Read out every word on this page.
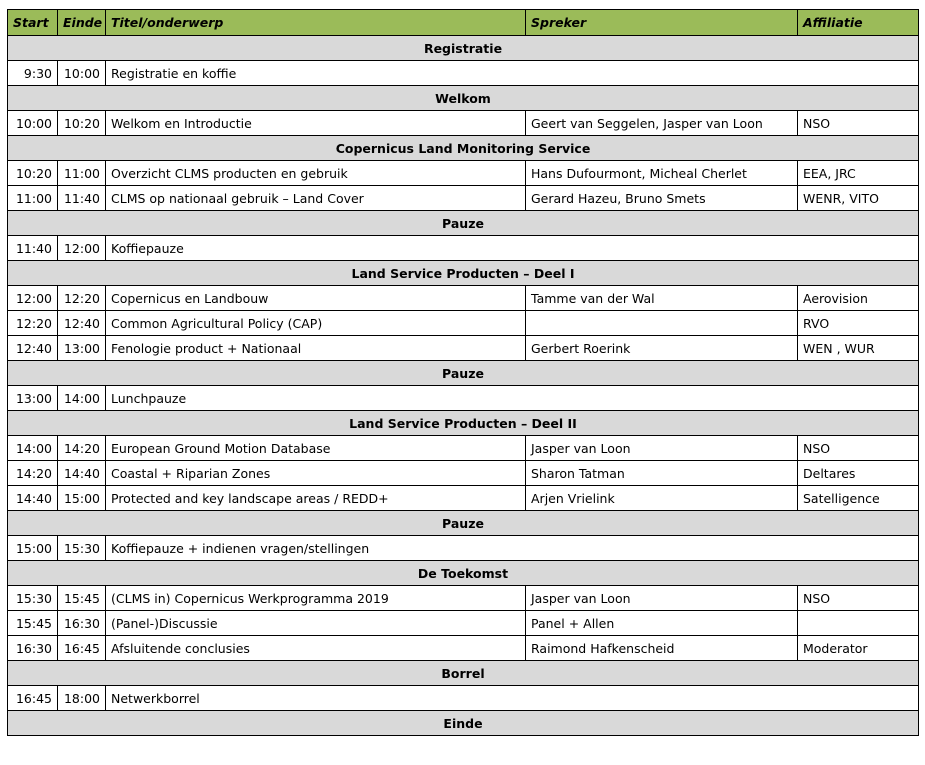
Start	Einde	Titel/onderwerp	Spreker	Affiliatie
Registratie				
9:30	10:00	Registratie en koffie		
Welkom				
10:00	10:20	Welkom en Introductie	Geert van Seggelen, Jasper van Loon	NSO
Copernicus Land Monitoring Service				
10:20	11:00	Overzicht CLMS producten en gebruik	Hans Dufourmont, Micheal Cherlet	EEA, JRC
11:00	11:40	CLMS op nationaal gebruik – Land Cover	Gerard Hazeu, Bruno Smets	WENR, VITO
Pauze				
11:40	12:00	Koffiepauze		
Land Service Producten – Deel I				
12:00	12:20	Copernicus en Landbouw	Tamme van der Wal	Aerovision
12:20	12:40	Common Agricultural Policy (CAP)		RVO
12:40	13:00	Fenologie product + Nationaal	Gerbert Roerink	WEN , WUR
Pauze				
13:00	14:00	Lunchpauze		
Land Service Producten – Deel II				
14:00	14:20	European Ground Motion Database	Jasper van Loon	NSO
14:20	14:40	Coastal + Riparian Zones	Sharon Tatman	Deltares
14:40	15:00	Protected and key landscape areas / REDD+	Arjen Vrielink	Satelligence
Pauze				
15:00	15:30	Koffiepauze + indienen vragen/stellingen		
De Toekomst				
15:30	15:45	(CLMS in) Copernicus Werkprogramma 2019	Jasper van Loon	NSO
15:45	16:30	(Panel-)Discussie	Panel + Allen	
16:30	16:45	Afsluitende conclusies	Raimond Hafkenscheid	Moderator
Borrel				
16:45	18:00	Netwerkborrel		
Einde				
